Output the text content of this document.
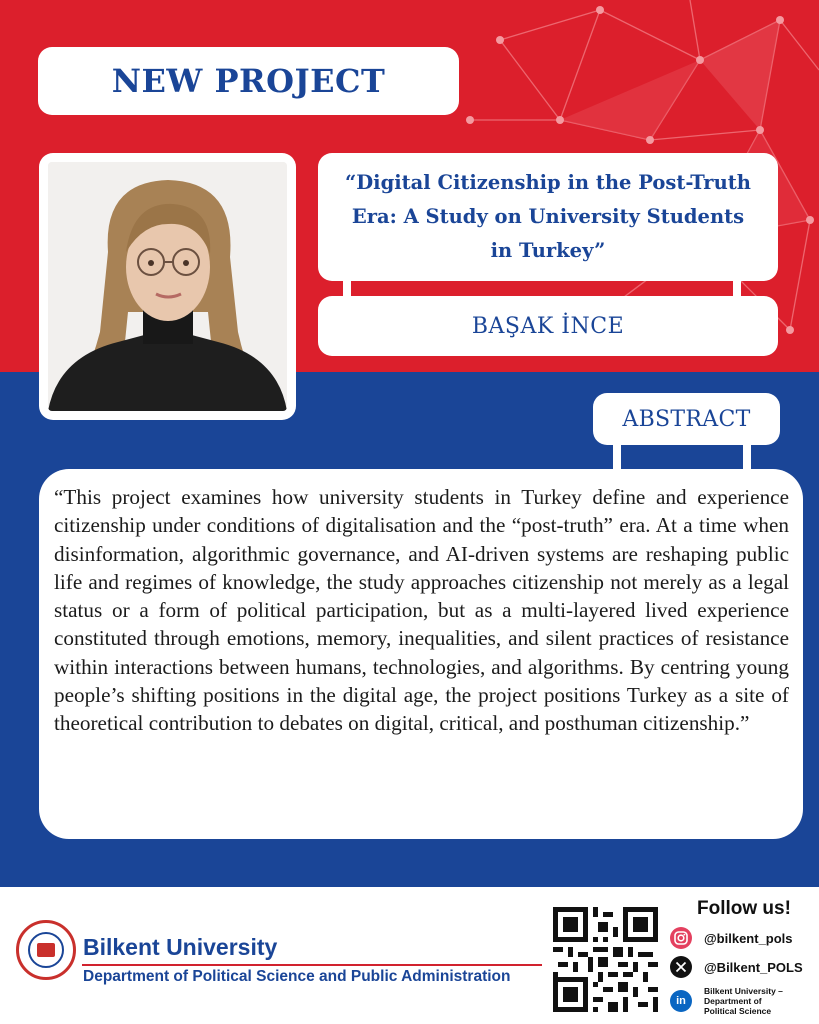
NEW PROJECT
“Digital Citizenship in the Post-Truth Era: A Study on University Students in Turkey”
BAŞAK İNCE
ABSTRACT

“This project examines how university students in Turkey define and experience citizenship under conditions of digitalisation and the “post-truth” era. At a time when disinformation, algorithmic governance, and AI-driven systems are reshaping public life and regimes of knowledge, the study approaches citizenship not merely as a legal status or a form of political participation, but as a multi-layered lived experience constituted through emotions, memory, inequalities, and silent practices of resistance within interactions between humans, technologies, and algorithms. By centring young people’s shifting positions in the digital age, the project positions Turkey as a site of theoretical contribution to debates on digital, critical, and posthuman citizenship.”

Bilkent University
Department of Political Science and Public Administration
Follow us!
@bilkent_pols
@Bilkent_POLS
in
Bilkent University – Department of Political Science
